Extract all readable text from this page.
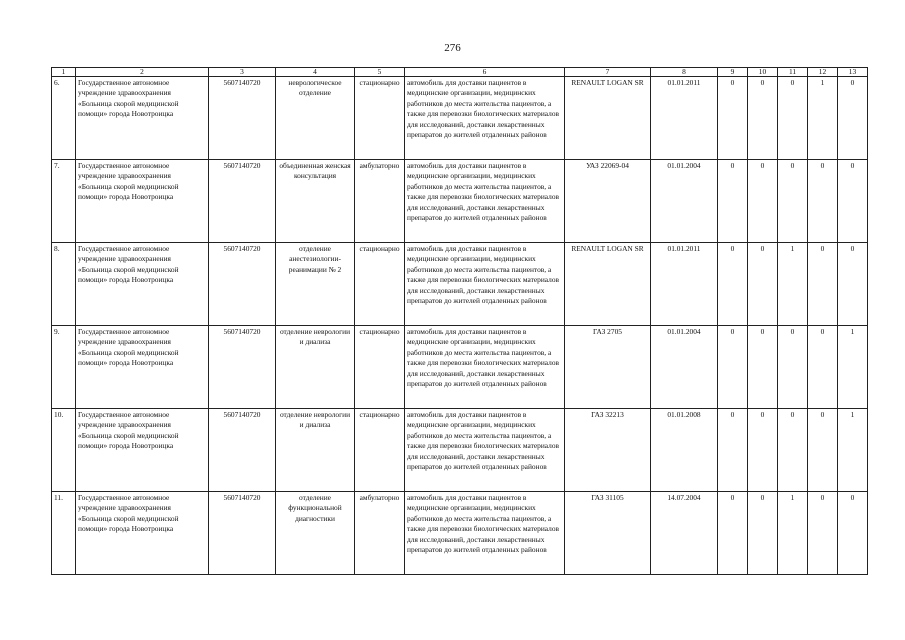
276
1	2	3	4	5	6	7	8	9	10	11	12	13
6.	Государственное автономное учреждение здравоохранения «Больница скорой медицинской помощи» города Новотроицка	5607140720	неврологическое отделение	стационарно	автомобиль для доставки пациентов в медицинские организации, медицинских работников до места жительства пациентов, а также для перевозки биологических материалов для исследований, доставки лекарственных препаратов до жителей отдаленных районов	RENAULT LOGAN SR	01.01.2011	0	0	0	1	0
7.	Государственное автономное учреждение здравоохранения «Больница скорой медицинской помощи» города Новотроицка	5607140720	объединенная женская консультация	амбулаторно	автомобиль для доставки пациентов в медицинские организации, медицинских работников до места жительства пациентов, а также для перевозки биологических материалов для исследований, доставки лекарственных препаратов до жителей отдаленных районов	УАЗ 22069-04	01.01.2004	0	0	0	0	0
8.	Государственное автономное учреждение здравоохранения «Больница скорой медицинской помощи» города Новотроицка	5607140720	отделение анестезиологии-реанимации № 2	стационарно	автомобиль для доставки пациентов в медицинские организации, медицинских работников до места жительства пациентов, а также для перевозки биологических материалов для исследований, доставки лекарственных препаратов до жителей отдаленных районов	RENAULT LOGAN SR	01.01.2011	0	0	1	0	0
9.	Государственное автономное учреждение здравоохранения «Больница скорой медицинской помощи» города Новотроицка	5607140720	отделение неврологии и диализа	стационарно	автомобиль для доставки пациентов в медицинские организации, медицинских работников до места жительства пациентов, а также для перевозки биологических материалов для исследований, доставки лекарственных препаратов до жителей отдаленных районов	ГАЗ 2705	01.01.2004	0	0	0	0	1
10.	Государственное автономное учреждение здравоохранения «Больница скорой медицинской помощи» города Новотроицка	5607140720	отделение неврологии и диализа	стационарно	автомобиль для доставки пациентов в медицинские организации, медицинских работников до места жительства пациентов, а также для перевозки биологических материалов для исследований, доставки лекарственных препаратов до жителей отдаленных районов	ГАЗ 32213	01.01.2008	0	0	0	0	1
11.	Государственное автономное учреждение здравоохранения «Больница скорой медицинской помощи» города Новотроицка	5607140720	отделение функциональной диагностики	амбулаторно	автомобиль для доставки пациентов в медицинские организации, медицинских работников до места жительства пациентов, а также для перевозки биологических материалов для исследований, доставки лекарственных препаратов до жителей отдаленных районов	ГАЗ 31105	14.07.2004	0	0	1	0	0
